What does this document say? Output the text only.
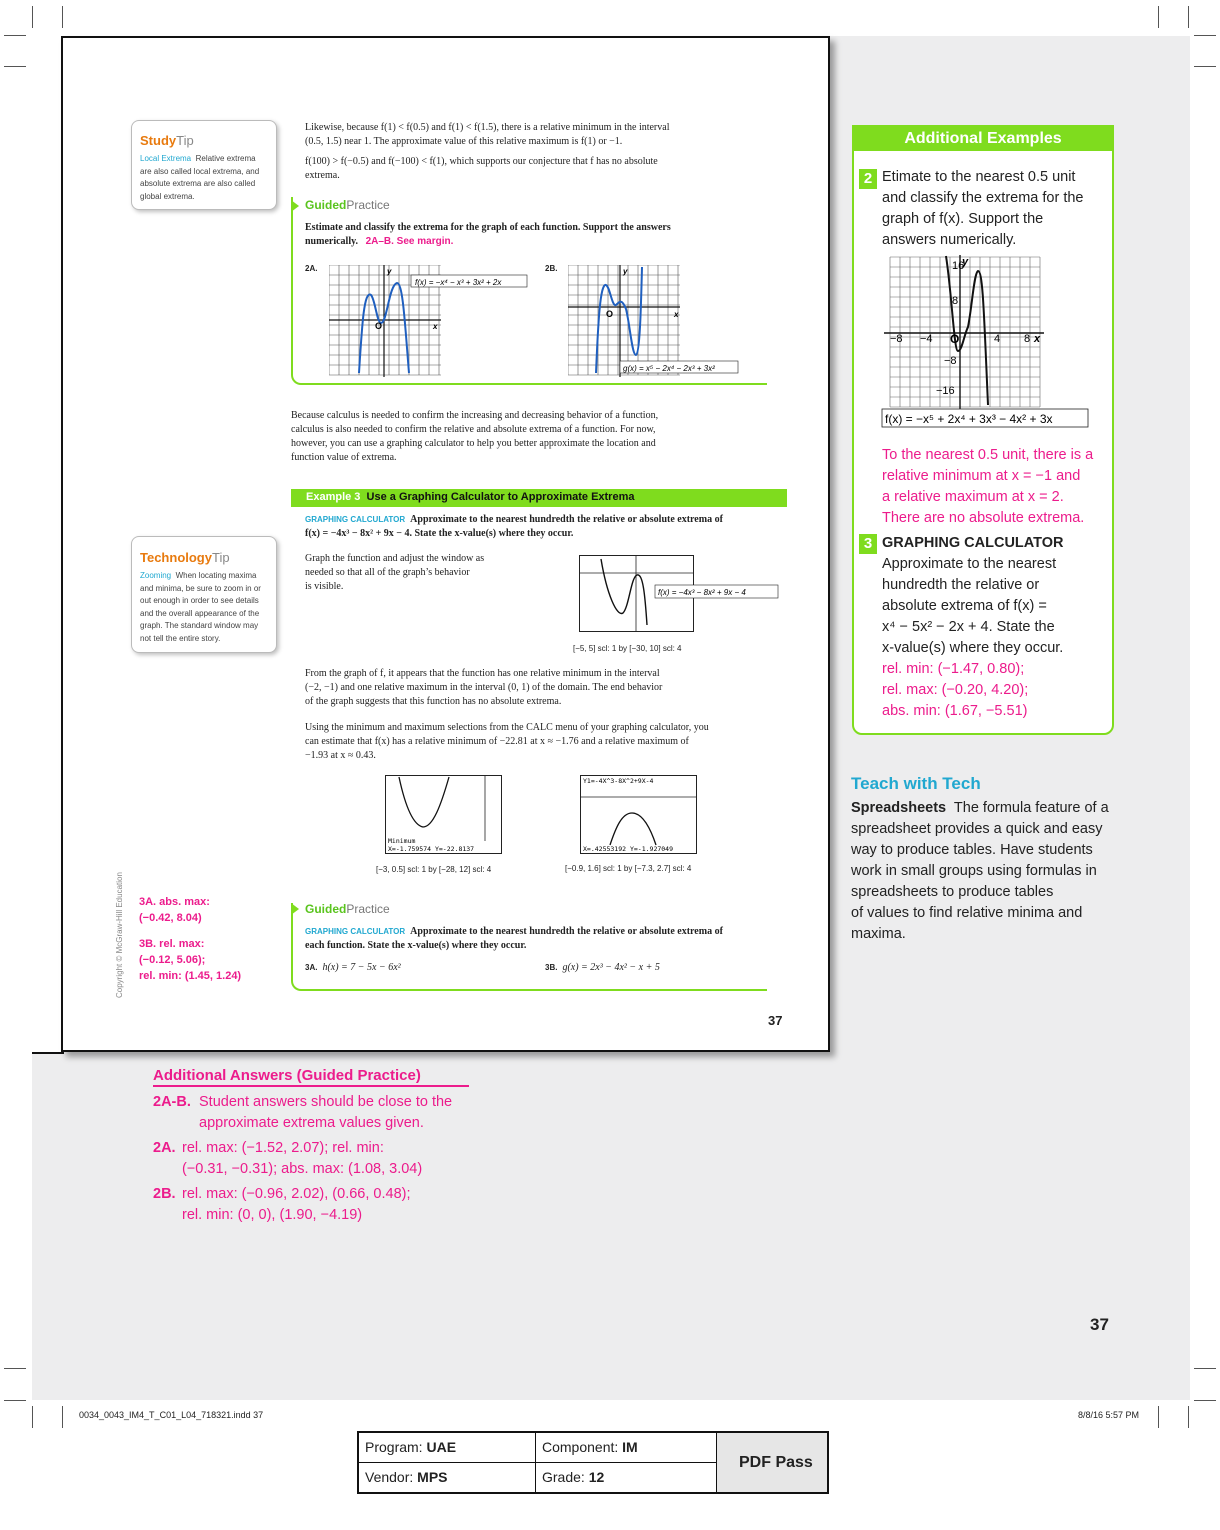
StudyTip
Local Extrema Relative extrema
are also called local extrema, and
absolute extrema are also called
global extrema.
Likewise, because f(1) < f(0.5) and f(1) < f(1.5), there is a relative minimum in the interval
(0.5, 1.5) near 1. The approximate value of this relative maximum is f(1) or −1.
f(100) > f(−0.5) and f(−100) < f(1), which supports our conjecture that f has no absolute
extrema.
GuidedPractice
Estimate and classify the extrema for the graph of each function. Support the answers
numerically. 2A–B. See margin.
2A.
f(x) = −x⁴ − x³ + 3x² + 2x
y
x
O
2B.
g(x) = x⁵ − 2x⁴ − 2x³ + 3x²
y
x
O
Because calculus is needed to confirm the increasing and decreasing behavior of a function,
calculus is also needed to confirm the relative and absolute extrema of a function. For now,
however, you can use a graphing calculator to help you better approximate the location and
function value of extrema.
Example 3 Use a Graphing Calculator to Approximate Extrema
GRAPHING CALCULATOR Approximate to the nearest hundredth the relative or absolute extrema of
f(x) = −4x³ − 8x² + 9x − 4. State the x-value(s) where they occur.
TechnologyTip
Zooming When locating maxima
and minima, be sure to zoom in or
out enough in order to see details
and the overall appearance of the
graph. The standard window may
not tell the entire story.
Graph the function and adjust the window as
needed so that all of the graph’s behavior
is visible.
f(x) = −4x³ − 8x² + 9x − 4
[−5, 5] scl: 1 by [−30, 10] scl: 4
From the graph of f, it appears that the function has one relative minimum in the interval
(−2, −1) and one relative maximum in the interval (0, 1) of the domain. The end behavior
of the graph suggests that this function has no absolute extrema.
Using the minimum and maximum selections from the CALC menu of your graphing calculator, you
can estimate that f(x) has a relative minimum of −22.81 at x ≈ −1.76 and a relative maximum of
−1.93 at x ≈ 0.43.
Minimum
X=-1.759574 Y=-22.8137
Y1=-4X^3-8X^2+9X-4
X=.42553192 Y=-1.927049
[−3, 0.5] scl: 1 by [−28, 12] scl: 4	[−0.9, 1.6] scl: 1 by [−7.3, 2.7] scl: 4
Copyright © McGraw-Hill Education 3A. abs. max:
(−0.42, 8.04)
3B. rel. max:
(−0.12, 5.06);
rel. min: (1.45, 1.24)
GuidedPractice
GRAPHING CALCULATOR Approximate to the nearest hundredth the relative or absolute extrema of
each function. State the x-value(s) where they occur.
3A. h(x) = 7 − 5x − 6x²	3B. g(x) = 2x³ − 4x² − x + 5
37
Additional Examples
2 Etimate to the nearest 0.5 unit
and classify the extrema for the
graph of f(x). Support the
answers numerically.
16
8
−8
−16
−8 −4	4 8
y
x
O
f(x) = −x⁵ + 2x⁴ + 3x³ − 4x² + 3x
To the nearest 0.5 unit, there is a
relative minimum at x = −1 and
a relative maximum at x = 2.
There are no absolute extrema.
3 GRAPHING CALCULATOR
Approximate to the nearest
hundredth the relative or
absolute extrema of f(x) =
x⁴ − 5x² − 2x + 4. State the
x-value(s) where they occur.
rel. min: (−1.47, 0.80);
rel. max: (−0.20, 4.20);
abs. min: (1.67, −5.51)
Teach with Tech
Spreadsheets The formula feature of a
spreadsheet provides a quick and easy
way to produce tables. Have students
work in small groups using formulas in
spreadsheets to produce tables
of values to find relative minima and
maxima.
Additional Answers (Guided Practice)
2A-B. Student answers should be close to the
approximate extrema values given.
2A. rel. max: (−1.52, 2.07); rel. min:
(−0.31, −0.31); abs. max: (1.08, 3.04)
2B. rel. max: (−0.96, 2.02), (0.66, 0.48);
rel. min: (0, 0), (1.90, −4.19)
37
0034_0043_IM4_T_C01_L04_718321.indd 37	8/8/16 5:57 PM
Program: UAE	Component: IM
Vendor: MPS	Grade: 12
PDF Pass
